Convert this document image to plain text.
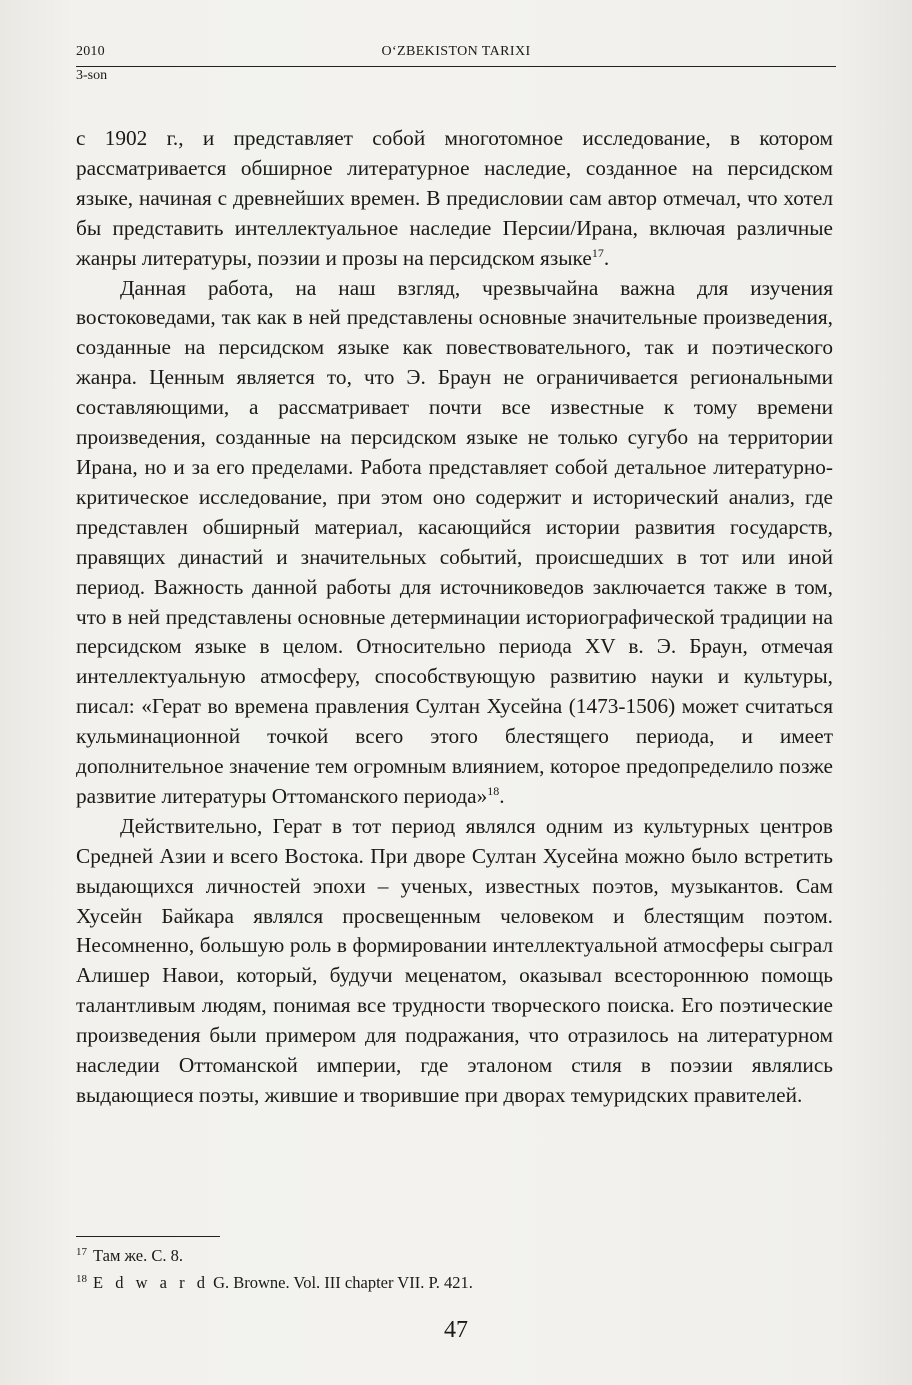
2010	O‘ZBEKISTON TARIXI
3-son

с 1902 г., и представляет собой многотомное исследование, в котором рассматривается обширное литературное наследие, созданное на персидском языке, начиная с древнейших времен. В предисловии сам автор отмечал, что хотел бы представить интеллектуальное наследие Персии/Ирана, включая различные жанры литературы, поэзии и прозы на персидском языке$^{17}$.

Данная работа, на наш взгляд, чрезвычайна важна для изучения востоковедами, так как в ней представлены основные значительные произведения, созданные на персидском языке как повествовательного, так и поэтического жанра. Ценным является то, что Э. Браун не ограничивается региональными составляющими, а рассматривает почти все известные к тому времени произведения, созданные на персидском языке не только сугубо на территории Ирана, но и за его пределами. Работа представляет собой детальное литературно-критическое исследование, при этом оно содержит и исторический анализ, где представлен обширный материал, касающийся истории развития государств, правящих династий и значительных событий, происшедших в тот или иной период. Важность данной работы для источниковедов заключается также в том, что в ней представлены основные детерминации историографической традиции на персидском языке в целом. Относительно периода XV в. Э. Браун, отмечая интеллектуальную атмосферу, способствующую развитию науки и культуры, писал: «Герат во времена правления Султан Хусейна (1473-1506) может считаться кульминационной точкой всего этого блестящего периода, и имеет дополнительное значение тем огромным влиянием, которое предопределило позже развитие литературы Оттоманского периода»$^{18}$.

Действительно, Герат в тот период являлся одним из культурных центров Средней Азии и всего Востока. При дворе Султан Хусейна можно было встретить выдающихся личностей эпохи – ученых, известных поэтов, музыкантов. Сам Хусейн Байкара являлся просвещенным человеком и блестящим поэтом. Несомненно, большую роль в формировании интеллектуальной атмосферы сыграл Алишер Навои, который, будучи меценатом, оказывал всестороннюю помощь талантливым людям, понимая все трудности творческого поиска. Его поэтические произведения были примером для подражания, что отразилось на литературном наследии Оттоманской империи, где эталоном стиля в поэзии являлись выдающиеся поэты, жившие и творившие при дворах темуридских правителей.

$^{17}$ Там же. С. 8.

$^{18}$ E d w a r d G. Browne. Vol. III chapter VII. P. 421.

47
